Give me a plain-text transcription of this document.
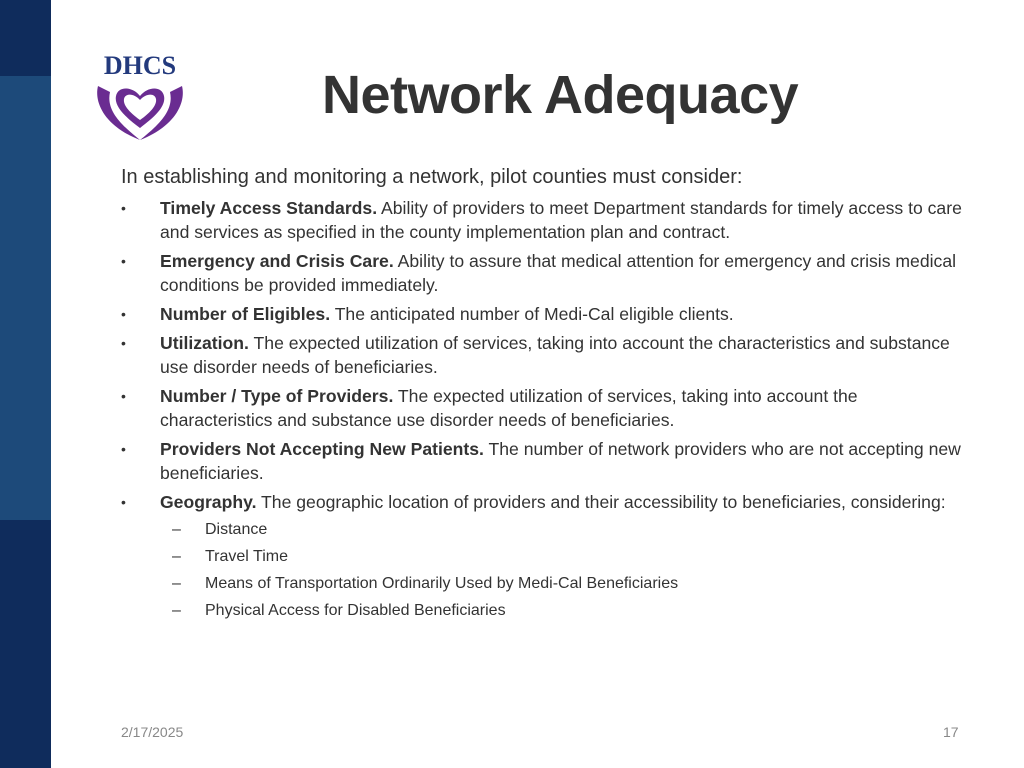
DHCS	Network Adequacy

In establishing and monitoring a network, pilot counties must consider:

• Timely Access Standards. Ability of providers to meet Department standards for timely access to care and services as specified in the county implementation plan and contract.
• Emergency and Crisis Care. Ability to assure that medical attention for emergency and crisis medical conditions be provided immediately.
• Number of Eligibles. The anticipated number of Medi-Cal eligible clients.
• Utilization. The expected utilization of services, taking into account the characteristics and substance use disorder needs of beneficiaries.
• Number / Type of Providers. The expected utilization of services, taking into account the characteristics and substance use disorder needs of beneficiaries.
• Providers Not Accepting New Patients. The number of network providers who are not accepting new beneficiaries.
• Geography. The geographic location of providers and their accessibility to beneficiaries, considering:
– Distance
– Travel Time
– Means of Transportation Ordinarily Used by Medi-Cal Beneficiaries
– Physical Access for Disabled Beneficiaries
2/17/2025	17
